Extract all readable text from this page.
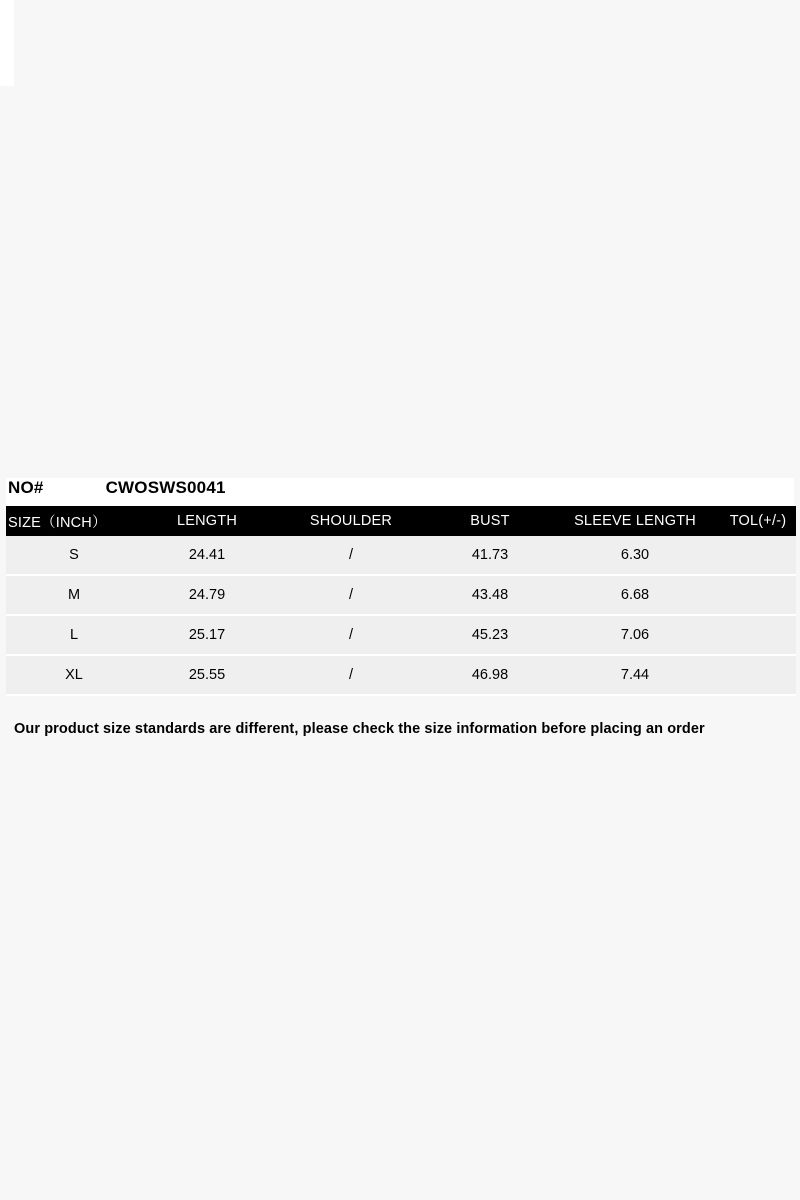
NO#	CWOSWS0041
SIZE（INCH）	LENGTH	SHOULDER	BUST	SLEEVE LENGTH	TOL(+/-)
S	24.41	/	41.73	6.30	
M	24.79	/	43.48	6.68	
L	25.17	/	45.23	7.06	
XL	25.55	/	46.98	7.44	
Our product size standards are different, please check the size information before placing an order
